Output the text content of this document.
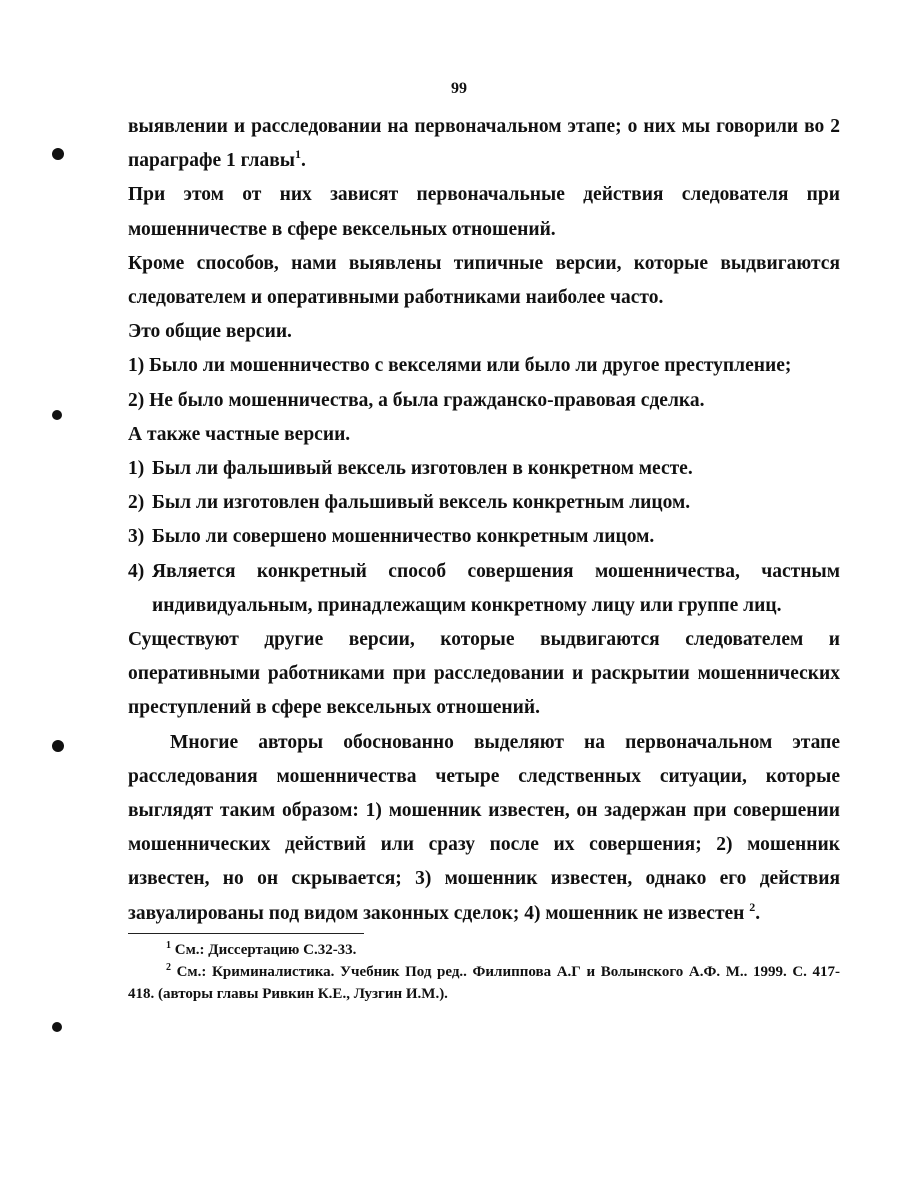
99

выявлении и расследовании на первоначальном этапе; о них мы говорили во 2 параграфе 1 главы$^1$.

При этом от них зависят первоначальные действия следователя при мошенничестве в сфере вексельных отношений.

Кроме способов, нами выявлены типичные версии, которые выдвигаются следователем и оперативными работниками наиболее часто.

Это общие версии.

1) Было ли мошенничество с векселями или было ли другое преступление;

2) Не было мошенничества, а была гражданско-правовая сделка.

А также частные версии.

1) Был ли фальшивый вексель изготовлен в конкретном месте.

2) Был ли изготовлен фальшивый вексель конкретным лицом.

3) Было ли совершено мошенничество конкретным лицом.

4) Является конкретный способ совершения мошенничества, частным индивидуальным, принадлежащим конкретному лицу или группе лиц.

Существуют другие версии, которые выдвигаются следователем и оперативными работниками при расследовании и раскрытии мошеннических преступлений в сфере вексельных отношений.

Многие авторы обоснованно выделяют на первоначальном этапе расследования мошенничества четыре следственных ситуации, которые выглядят таким образом: 1) мошенник известен, он задержан при совершении мошеннических действий или сразу после их совершения; 2) мошенник известен, но он скрывается; 3) мошенник известен, однако его действия завуалированы под видом законных сделок; 4) мошенник не известен $^2$.

$^1$ См.: Диссертацию С.32-33.

$^2$ См.: Криминалистика. Учебник Под ред.. Филиппова А.Г и Волынского А.Ф. М.. 1999. С. 417-418. (авторы главы Ривкин К.Е., Лузгин И.М.).
